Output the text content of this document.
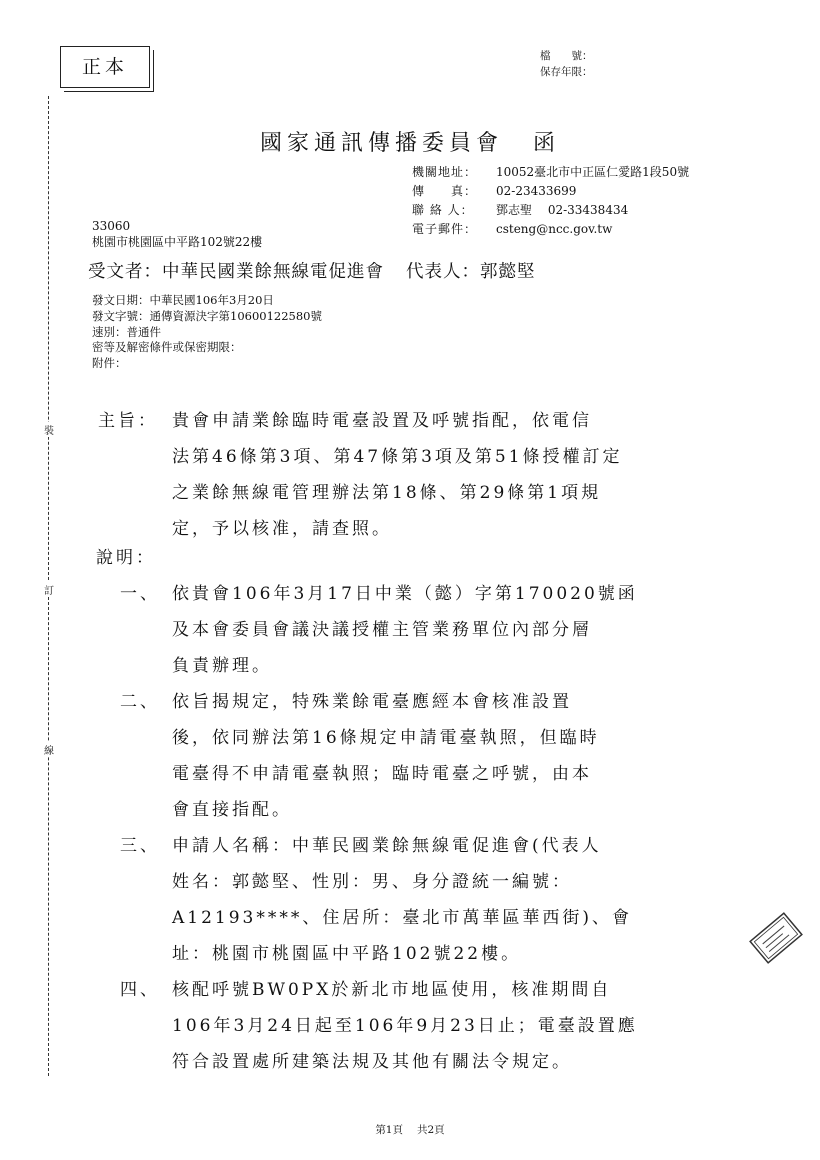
正本	檔　　號：
保存年限：
國家通訊傳播委員會 函
機關地址： 10052臺北市中正區仁愛路1段50號
傳　　真： 02-23433699
聯 絡 人： 鄧志聖　 02-33438434
電子郵件： csteng@ncc.gov.tw
33060
桃園市桃園區中平路102號22樓
受文者：中華民國業餘無線電促進會 代表人：郭懿堅
發文日期：中華民國106年3月20日
發文字號：通傳資源決字第10600122580號
速別：普通件
密等及解密條件或保密期限：
附件：
裝
訂
線
主旨： 貴會申請業餘臨時電臺設置及呼號指配，依電信
法第46條第3項、第47條第3項及第51條授權訂定
之業餘無線電管理辦法第18條、第29條第1項規
定，予以核准，請查照。
說明：
一、 依貴會106年3月17日中業（懿）字第170020號函
及本會委員會議決議授權主管業務單位內部分層
負責辦理。
二、 依旨揭規定，特殊業餘電臺應經本會核准設置
後，依同辦法第16條規定申請電臺執照，但臨時
電臺得不申請電臺執照；臨時電臺之呼號，由本
會直接指配。
三、 申請人名稱：中華民國業餘無線電促進會(代表人
姓名：郭懿堅、性別：男、身分證統一編號：
A12193****、住居所：臺北市萬華區華西街)、會
址：桃園市桃園區中平路102號22樓。
四、 核配呼號BW0PX於新北市地區使用，核准期間自
106年3月24日起至106年9月23日止；電臺設置應
符合設置處所建築法規及其他有關法令規定。
第1頁 共2頁
